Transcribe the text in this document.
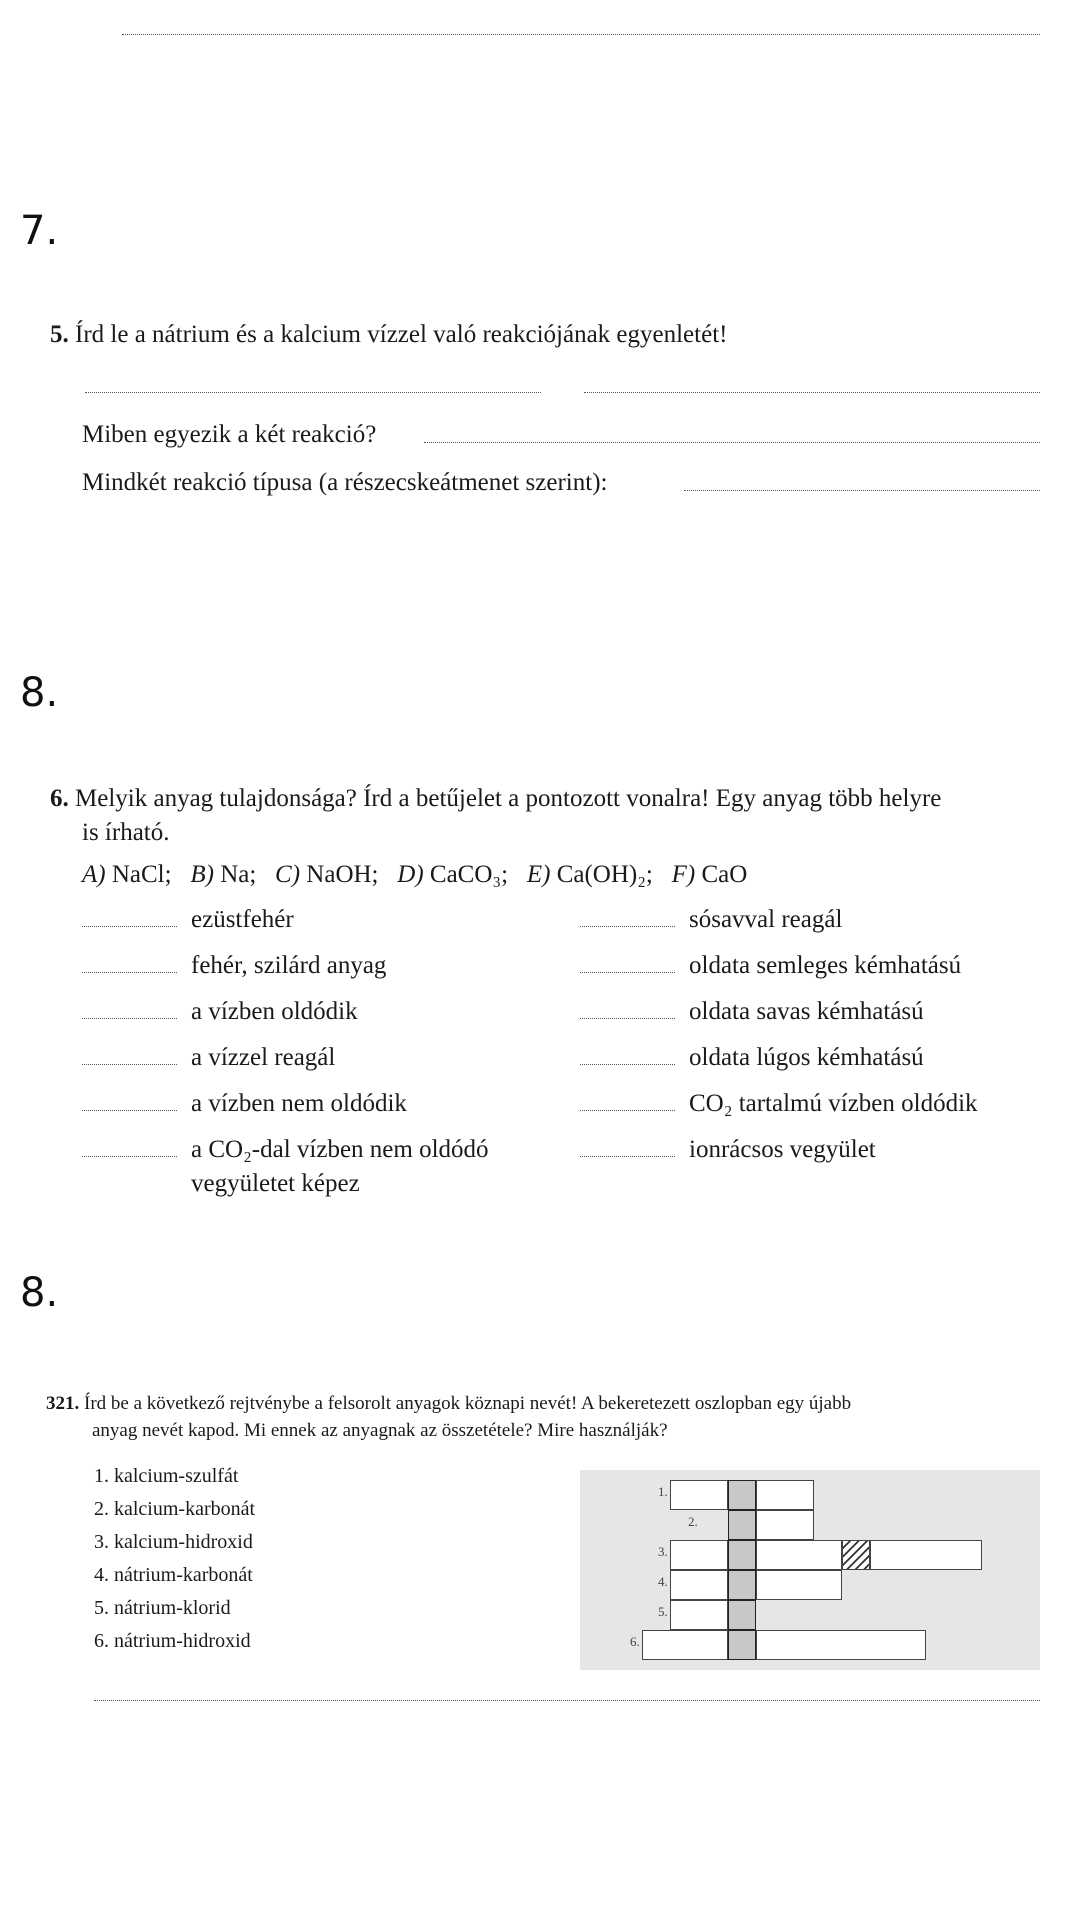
7.
5. Írd le a nátrium és a kalcium vízzel való reakciójának egyenletét!
Miben egyezik a két reakció?
Mindkét reakció típusa (a részecskeátmenet szerint):
8.
6. Melyik anyag tulajdonsága? Írd a betűjelet a pontozott vonalra! Egy anyag több helyre
is írható.
A) NaCl; B) Na; C) NaOH; D) CaCO₃; E) Ca(OH)₂; F) CaO
ezüstfehér
fehér, szilárd anyag
a vízben oldódik
a vízzel reagál
a vízben nem oldódik
a CO₂-dal vízben nem oldódó
vegyületet képez
sósavval reagál
oldata semleges kémhatású
oldata savas kémhatású
oldata lúgos kémhatású
CO₂ tartalmú vízben oldódik
ionrácsos vegyület
8.
321. Írd be a következő rejtvénybe a felsorolt anyagok köznapi nevét! A bekeretezett oszlopban egy újabb
anyag nevét kapod. Mi ennek az anyagnak az összetétele? Mire használják?
1. kalcium-szulfát
2. kalcium-karbonát
3. kalcium-hidroxid
4. nátrium-karbonát
5. nátrium-klorid
6. nátrium-hidroxid
1.
2.
3.
4.
5.
6.
